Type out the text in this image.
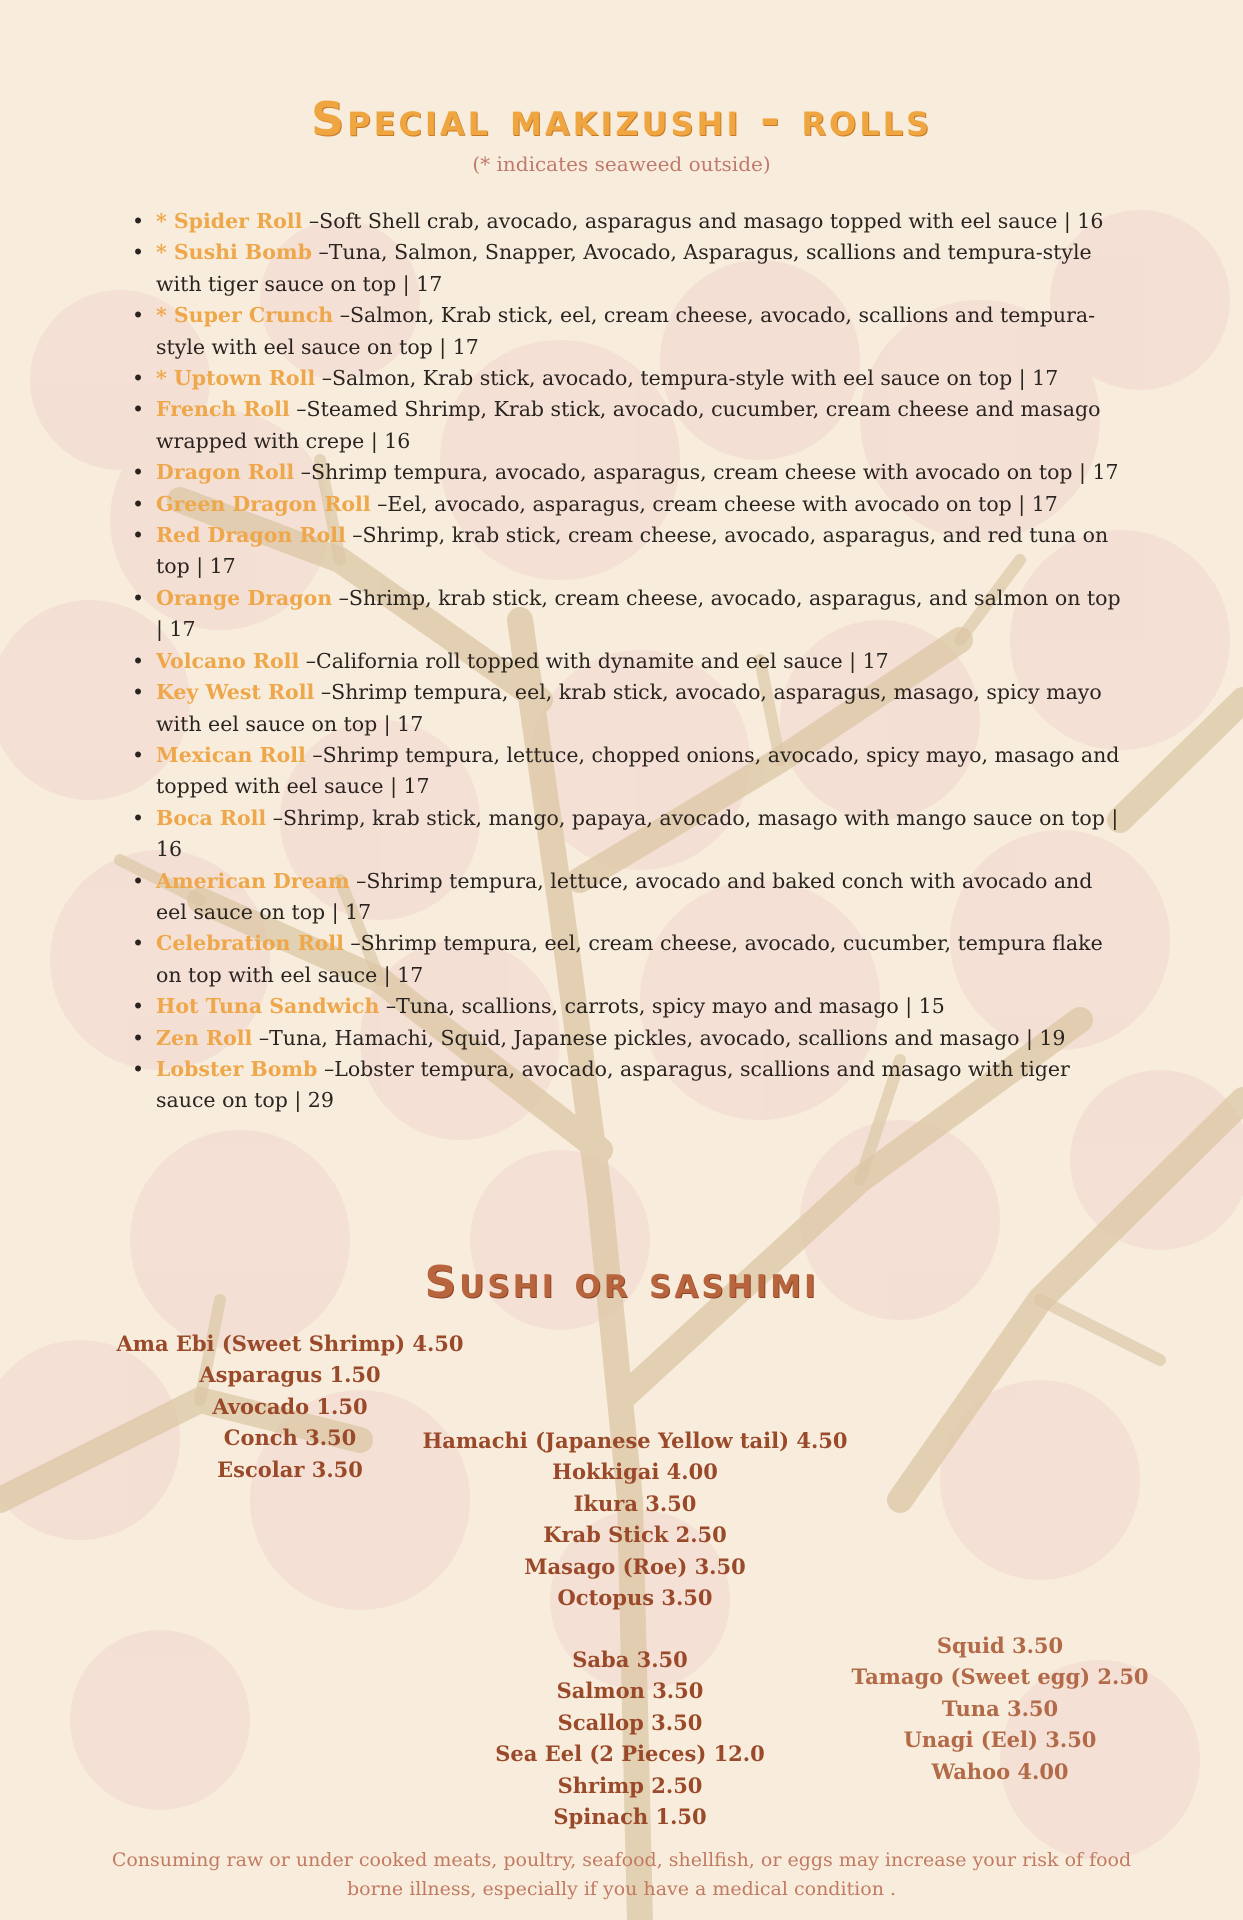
Special makizushi - rolls
(* indicates seaweed outside)
• * Spider Roll –Soft Shell crab, avocado, asparagus and masago topped with eel sauce | 16
• * Sushi Bomb –Tuna, Salmon, Snapper, Avocado, Asparagus, scallions and tempura-style with tiger sauce on top | 17
• * Super Crunch –Salmon, Krab stick, eel, cream cheese, avocado, scallions and tempura-style with eel sauce on top | 17
• * Uptown Roll –Salmon, Krab stick, avocado, tempura-style with eel sauce on top | 17
• French Roll –Steamed Shrimp, Krab stick, avocado, cucumber, cream cheese and masago wrapped with crepe | 16
• Dragon Roll –Shrimp tempura, avocado, asparagus, cream cheese with avocado on top | 17
• Green Dragon Roll –Eel, avocado, asparagus, cream cheese with avocado on top | 17
• Red Dragon Roll –Shrimp, krab stick, cream cheese, avocado, asparagus, and red tuna on top | 17
• Orange Dragon –Shrimp, krab stick, cream cheese, avocado, asparagus, and salmon on top | 17
• Volcano Roll –California roll topped with dynamite and eel sauce | 17
• Key West Roll –Shrimp tempura, eel, krab stick, avocado, asparagus, masago, spicy mayo with eel sauce on top | 17
• Mexican Roll –Shrimp tempura, lettuce, chopped onions, avocado, spicy mayo, masago and topped with eel sauce | 17
• Boca Roll –Shrimp, krab stick, mango, papaya, avocado, masago with mango sauce on top | 16
• American Dream –Shrimp tempura, lettuce, avocado and baked conch with avocado and eel sauce on top | 17
• Celebration Roll –Shrimp tempura, eel, cream cheese, avocado, cucumber, tempura flake on top with eel sauce | 17
• Hot Tuna Sandwich –Tuna, scallions, carrots, spicy mayo and masago | 15
• Zen Roll –Tuna, Hamachi, Squid, Japanese pickles, avocado, scallions and masago | 19
• Lobster Bomb –Lobster tempura, avocado, asparagus, scallions and masago with tiger sauce on top | 29
Sushi or sashimi
Ama Ebi (Sweet Shrimp) 4.50
Asparagus 1.50
Avocado 1.50
Conch 3.50
Escolar 3.50
Hamachi (Japanese Yellow tail) 4.50
Hokkigai 4.00
Ikura 3.50
Krab Stick 2.50
Masago (Roe) 3.50
Octopus 3.50
Saba 3.50
Salmon 3.50
Scallop 3.50
Sea Eel (2 Pieces) 12.0
Shrimp 2.50
Spinach 1.50
Squid 3.50
Tamago (Sweet egg) 2.50
Tuna 3.50
Unagi (Eel) 3.50
Wahoo 4.00
Consuming raw or under cooked meats, poultry, seafood, shellfish, or eggs may increase your risk of food borne illness, especially if you have a medical condition .
